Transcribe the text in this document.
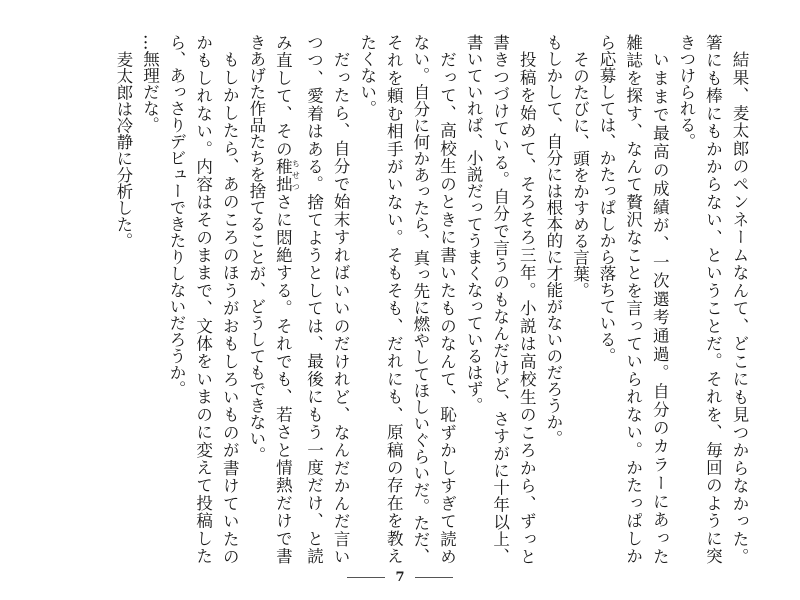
結果、麦太郎のペンネームなんて、どこにも見つからなかった。
箸にも棒にもかからない、ということだ。それを、毎回のように突
きつけられる。
いままで最高の成績が、一次選考通過。自分のカラーにあった
雑誌を探す、なんて贅沢なことを言っていられない。かたっぱしか
ら応募しては、かたっぱしから落ちている。
そのたびに、頭をかすめる言葉。
もしかして、自分には根本的に才能がないのだろうか。
投稿を始めて、そろそろ三年。小説は高校生のころから、ずっと
書きつづけている。自分で言うのもなんだけど、さすがに十年以上、
書いていれば、小説だってうまくなっているはず。
だって、高校生のときに書いたものなんて、恥ずかしすぎて読め
ない。自分に何かあったら、真っ先に燃やしてほしいぐらいだ。ただ、
それを頼む相手がいない。そもそも、だれにも、原稿の存在を教え
たくない。
だったら、自分で始末すればいいのだけれど、なんだかんだ言い
つつ、愛着はある。捨てようとしては、最後にもう一度だけ、と読
み直して、その稚拙 ちせつさに悶絶する。それでも、若さと情熱だけで書
きあげた作品たちを捨てることが、どうしてもできない。
もしかしたら、あのころのほうがおもしろいものが書けていたの
かもしれない。内容はそのままで、文体をいまのに変えて投稿した
ら、あっさりデビューできたりしないだろうか。
…無理だな。
麦太郎は冷静に分析した。
7
